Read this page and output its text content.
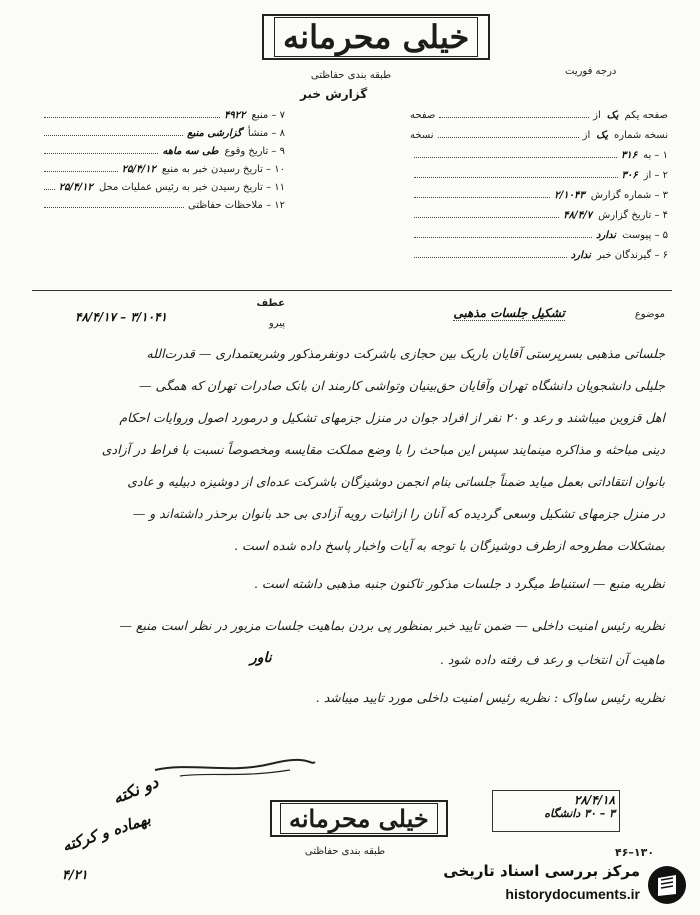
خیلی محرمانه
طبقه بندی حفاظتی	درجه فوریت
گزارش خبر
۷ – منبع
۴۹۲۲
۸ – منشأ
گزارشی منبع
۹ – تاریخ وقوع
طی سه ماهه
۱۰ – تاریخ رسیدن خبر به منبع
۲۵/۴/۱۲
۱۱ – تاریخ رسیدن خبر به رئیس عملیات محل
۲۵/۴/۱۲
۱۲ – ملاحظات حفاظتی
صفحه یکم
یک
از
صفحه
نسخه شماره
یک
از
نسخه
۱ – به
۳۱۶
۲ – از
۳۰۶
۳ – شماره گزارش
۲/۱۰۴۳
۴ – تاریخ گزارش
۴۸/۴/۷
۵ – پیوست
ندارد
۶ – گیرندگان خبر
ندارد
عطف
۴۸/۴/۱۷ – ۳/۱۰۴۱	پیرو
موضوع
تشکیل جلسات مذهبی
جلساتی مذهبی بسرپرستی آقایان باریک بین حجازی باشرکت دونفرمذکور وشریعتمداری — قدرت‌الله
جلیلی دانشجویان دانشگاه تهران وآقایان حق‌بینیان وتواشی کارمند ان بانک صادرات تهران که همگی —
اهل قزوین میباشند و رعد و ۲۰ نفر از افراد جوان در منزل جزمهای تشکیل و درمورد اصول وروایات احکام
دینی مباحثه و مذاکره مینمایند سپس این مباحث را با وضع مملکت مقایسه ومخصوصاً نسبت با فراط در آزادی
بانوان انتقاداتی بعمل میاید ضمناً جلساتی بنام انجمن دوشیزگان باشرکت عده‌ای از دوشیزه دبیلیه و عادی
در منزل جزمهای تشکیل وسعی گردیده که آنان را ازاثبات رویه آزادی بی حد بانوان برحذر داشته‌اند و —
بمشکلات مطروحه ازطرف دوشیزگان با توجه به آیات واخبار پاسخ داده شده است .
نظریه منبع — استنباط میگرد د جلسات مذکور تاکنون جنبه مذهبی داشته است .
نظریه رئیس امنیت داخلی — ضمن تایید خبر بمنظور پی بردن بماهیت جلسات مزبور در نظر است منبع —
ماهیت آن انتخاب و رعد ف رفته داده شود .
ناور
نظریه رئیس ساواک : نظریه رئیس امنیت داخلی مورد تایید میباشد .
دو نکته
بهماده و کرکته
۴/۲۱
خیلی محرمانه
طبقه بندی حفاظتی
۲۸/۴/۱۸
۳ – ۳۰ دانشگاه
۴۶–۱۳۰
مرکز بررسی اسناد تاریخی
historydocuments.ir
